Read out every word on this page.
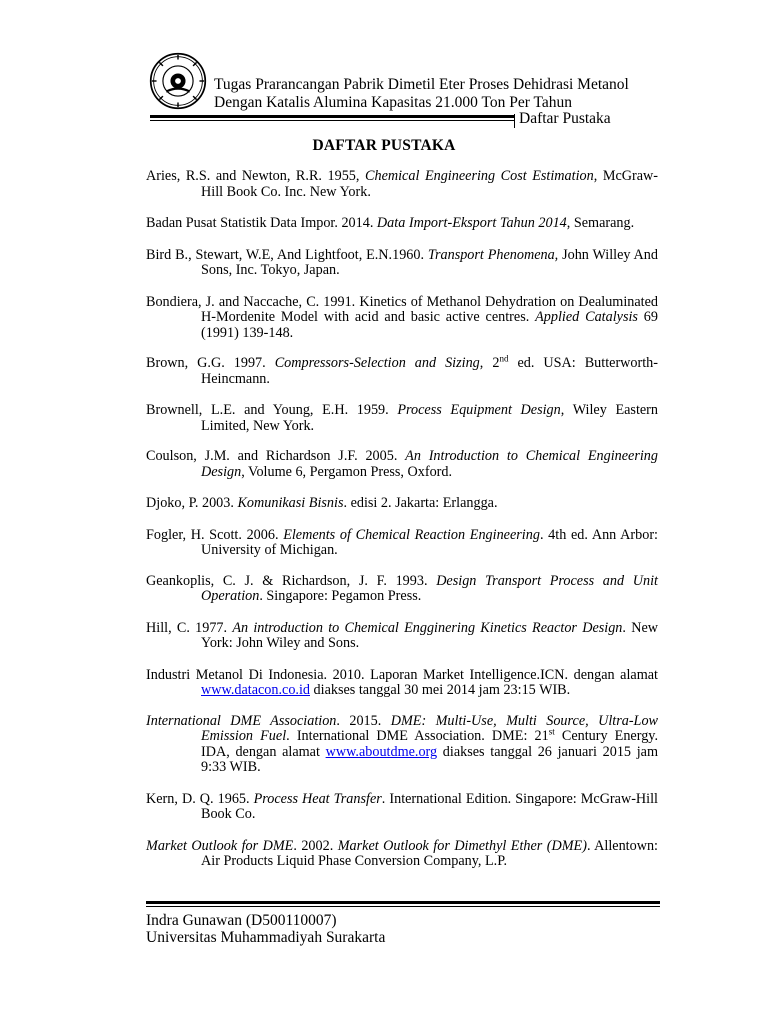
Tugas Prarancangan Pabrik Dimetil Eter Proses Dehidrasi Metanol
Dengan Katalis Alumina Kapasitas 21.000 Ton Per Tahun
Daftar Pustaka
DAFTAR PUSTAKA
Aries, R.S. and Newton, R.R. 1955, Chemical Engineering Cost Estimation, McGraw-Hill Book Co. Inc. New York.
Badan Pusat Statistik Data Impor. 2014. Data Import-Eksport Tahun 2014, Semarang.
Bird B., Stewart, W.E, And Lightfoot, E.N.1960. Transport Phenomena, John Willey And Sons, Inc. Tokyo, Japan.
Bondiera, J. and Naccache, C. 1991. Kinetics of Methanol Dehydration on Dealuminated H-Mordenite Model with acid and basic active centres. Applied Catalysis 69 (1991) 139-148.
Brown, G.G. 1997. Compressors-Selection and Sizing, 2nd ed. USA: Butterworth-Heincmann.
Brownell, L.E. and Young, E.H. 1959. Process Equipment Design, Wiley Eastern Limited, New York.
Coulson, J.M. and Richardson J.F. 2005. An Introduction to Chemical Engineering Design, Volume 6, Pergamon Press, Oxford.
Djoko, P. 2003. Komunikasi Bisnis. edisi 2. Jakarta: Erlangga.
Fogler, H. Scott. 2006. Elements of Chemical Reaction Engineering. 4th ed. Ann Arbor: University of Michigan.
Geankoplis, C. J. & Richardson, J. F. 1993. Design Transport Process and Unit Operation. Singapore: Pegamon Press.
Hill, C. 1977. An introduction to Chemical Engginering Kinetics Reactor Design. New York: John Wiley and Sons.
Industri Metanol Di Indonesia. 2010. Laporan Market Intelligence.ICN. dengan alamat www.datacon.co.id diakses tanggal 30 mei 2014 jam 23:15 WIB.
International DME Association. 2015. DME: Multi-Use, Multi Source, Ultra-Low Emission Fuel. International DME Association. DME: 21st Century Energy. IDA, dengan alamat www.aboutdme.org diakses tanggal 26 januari 2015 jam 9:33 WIB.
Kern, D. Q. 1965. Process Heat Transfer. International Edition. Singapore: McGraw-Hill Book Co.
Market Outlook for DME. 2002. Market Outlook for Dimethyl Ether (DME). Allentown: Air Products Liquid Phase Conversion Company, L.P.
Indra Gunawan (D500110007)
Universitas Muhammadiyah Surakarta
